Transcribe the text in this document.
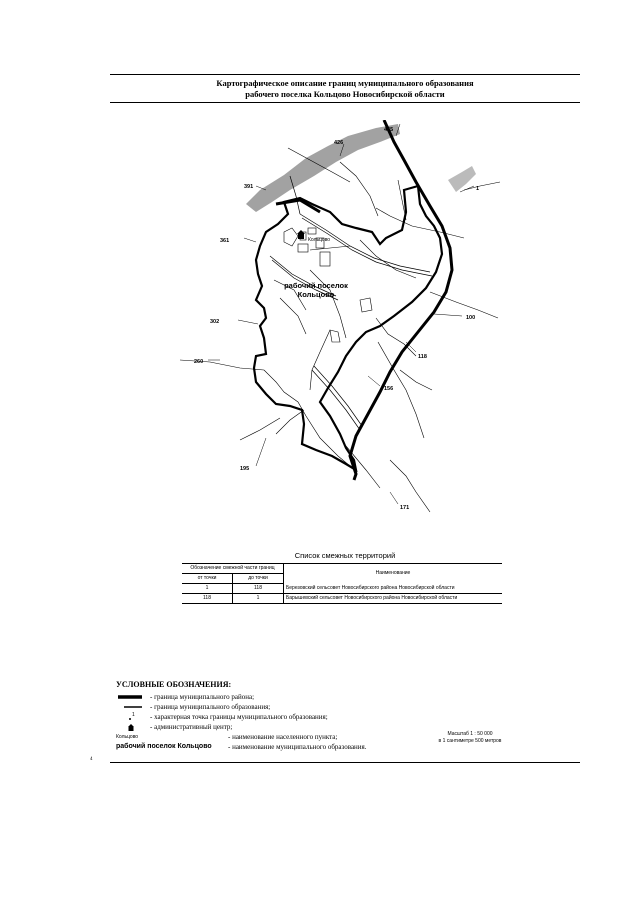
Картографическое описание границ муниципального образования
рабочего поселка Кольцово Новосибирской области
Кольцово
рабочий поселок
Кольцово
485
426
391	1
361
302
100
260
118
156
195
171
Список смежных территорий
Обозначение смежной части границ		Наименование
от точки	до точки	
1	118	Березовский сельсовет Новосибирского района Новосибирской области
118	1	Барышевский сельсовет Новосибирского района Новосибирской области
УСЛОВНЫЕ ОБОЗНАЧЕНИЯ:
- граница муниципального района;
- граница муниципального образования;
1 - характерная точка границы муниципального образования;
- административный центр;
Кольцово	- наименование населенного пункта;
рабочий поселок Кольцово - наименование муниципального образования.
Масштаб 1 : 50 000
в 1 сантиметре 500 метров
4
